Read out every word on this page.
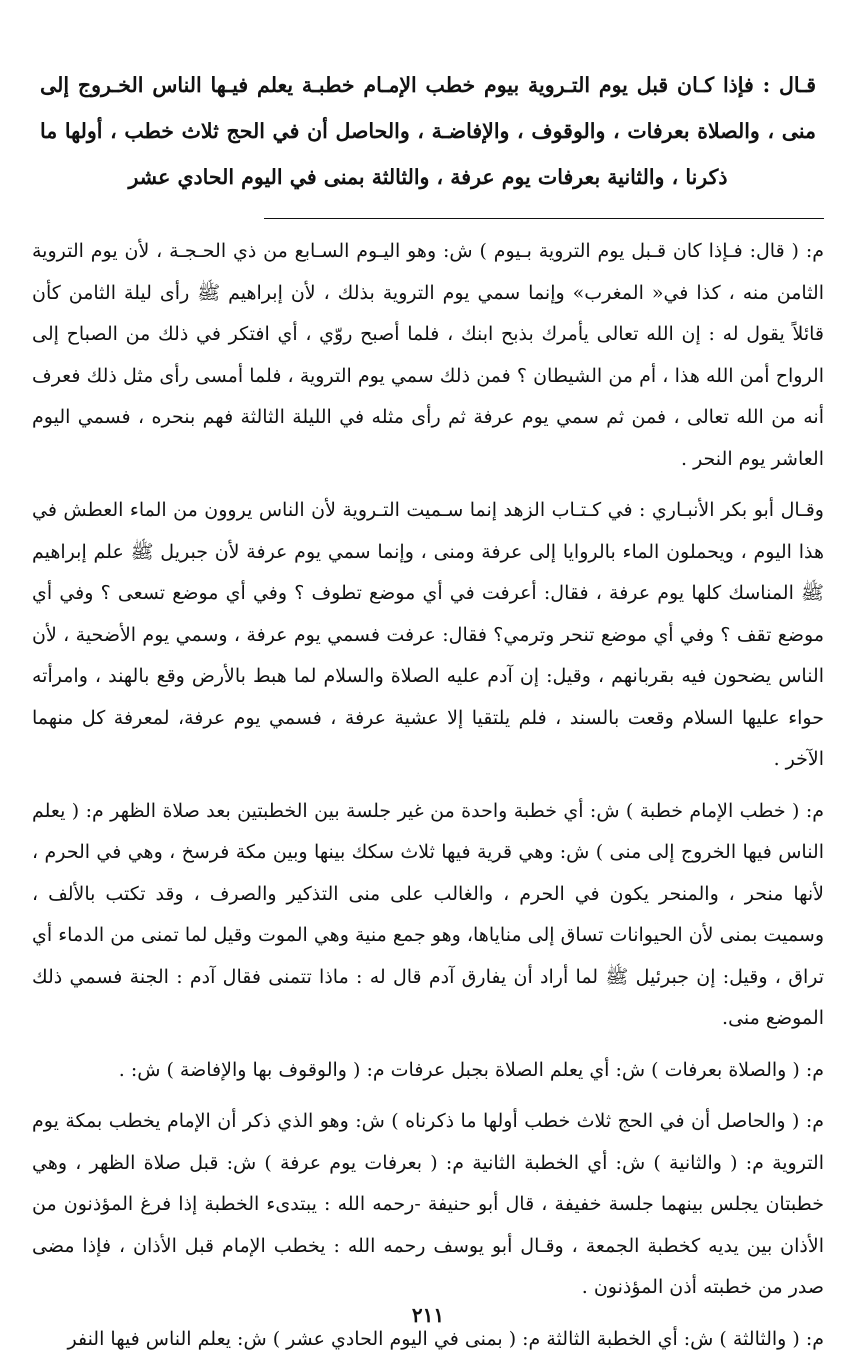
قـال : فإذا كـان قبل يوم التـروية بيوم خطب الإمـام خطبـة يعلم فيـها الناس الخـروج إلى منى ، والصلاة بعرفات ، والوقوف ، والإفاضـة ، والحاصل أن في الحج ثلاث خطب ، أولها ما ذكرنا ، والثانية بعرفات يوم عرفة ، والثالثة بمنى في اليوم الحادي عشر

م: ( قال: فـإذا كان قـبل يوم التروية بـيوم ) ش: وهو اليـوم السـابع من ذي الحـجـة ، لأن يوم التروية الثامن منه ، كذا في« المغرب» وإنما سمي يوم التروية بذلك ، لأن إبراهيم ﷺ رأى ليلة الثامن كأن قائلاً يقول له : إن الله تعالى يأمرك بذبح ابنك ، فلما أصبح روّي ، أي افتكر في ذلك من الصباح إلى الرواح أمن الله هذا ، أم من الشيطان ؟ فمن ذلك سمي يوم التروية ، فلما أمسى رأى مثل ذلك فعرف أنه من الله تعالى ، فمن ثم سمي يوم عرفة ثم رأى مثله في الليلة الثالثة فهم بنحره ، فسمي اليوم العاشر يوم النحر .

وقـال أبو بكر الأنبـاري : في كـتـاب الزهد إنما سـميت التـروية لأن الناس يروون من الماء العطش في هذا اليوم ، ويحملون الماء بالروايا إلى عرفة ومنى ، وإنما سمي يوم عرفة لأن جبريل ﷺ علم إبراهيم ﷺ المناسك كلها يوم عرفة ، فقال: أعرفت في أي موضع تطوف ؟ وفي أي موضع تسعى ؟ وفي أي موضع تقف ؟ وفي أي موضع تنحر وترمي؟ فقال: عرفت فسمي يوم عرفة ، وسمي يوم الأضحية ، لأن الناس يضحون فيه بقربانهم ، وقيل: إن آدم عليه الصلاة والسلام لما هبط بالأرض وقع بالهند ، وامرأته حواء عليها السلام وقعت بالسند ، فلم يلتقيا إلا عشية عرفة ، فسمي يوم عرفة، لمعرفة كل منهما الآخر .

م: ( خطب الإمام خطبة ) ش: أي خطبة واحدة من غير جلسة بين الخطبتين بعد صلاة الظهر م: ( يعلم الناس فيها الخروج إلى منى ) ش: وهي قرية فيها ثلاث سكك بينها وبين مكة فرسخ ، وهي في الحرم ، لأنها منحر ، والمنحر يكون في الحرم ، والغالب على منى التذكير والصرف ، وقد تكتب بالألف ، وسميت بمنى لأن الحيوانات تساق إلى مناياها، وهو جمع منية وهي الموت وقيل لما تمنى من الدماء أي تراق ، وقيل: إن جبرئيل ﷺ لما أراد أن يفارق آدم قال له : ماذا تتمنى فقال آدم : الجنة فسمي ذلك الموضع منى.

م: ( والصلاة بعرفات ) ش: أي يعلم الصلاة بجبل عرفات م: ( والوقوف بها والإفاضة ) ش: .

م: ( والحاصل أن في الحج ثلاث خطب أولها ما ذكرناه ) ش: وهو الذي ذكر أن الإمام يخطب بمكة يوم التروية م: ( والثانية ) ش: أي الخطبة الثانية م: ( بعرفات يوم عرفة ) ش: قبل صلاة الظهر ، وهي خطبتان يجلس بينهما جلسة خفيفة ، قال أبو حنيفة -رحمه الله : يبتدىء الخطبة إذا فرغ المؤذنون من الأذان بين يديه كخطبة الجمعة ، وقـال أبو يوسف رحمه الله : يخطب الإمام قبل الأذان ، فإذا مضى صدر من خطبته أذن المؤذنون .

م: ( والثالثة ) ش: أي الخطبة الثالثة م: ( بمنى في اليوم الحادي عشر ) ش: يعلم الناس فيها النفر

٢١١
